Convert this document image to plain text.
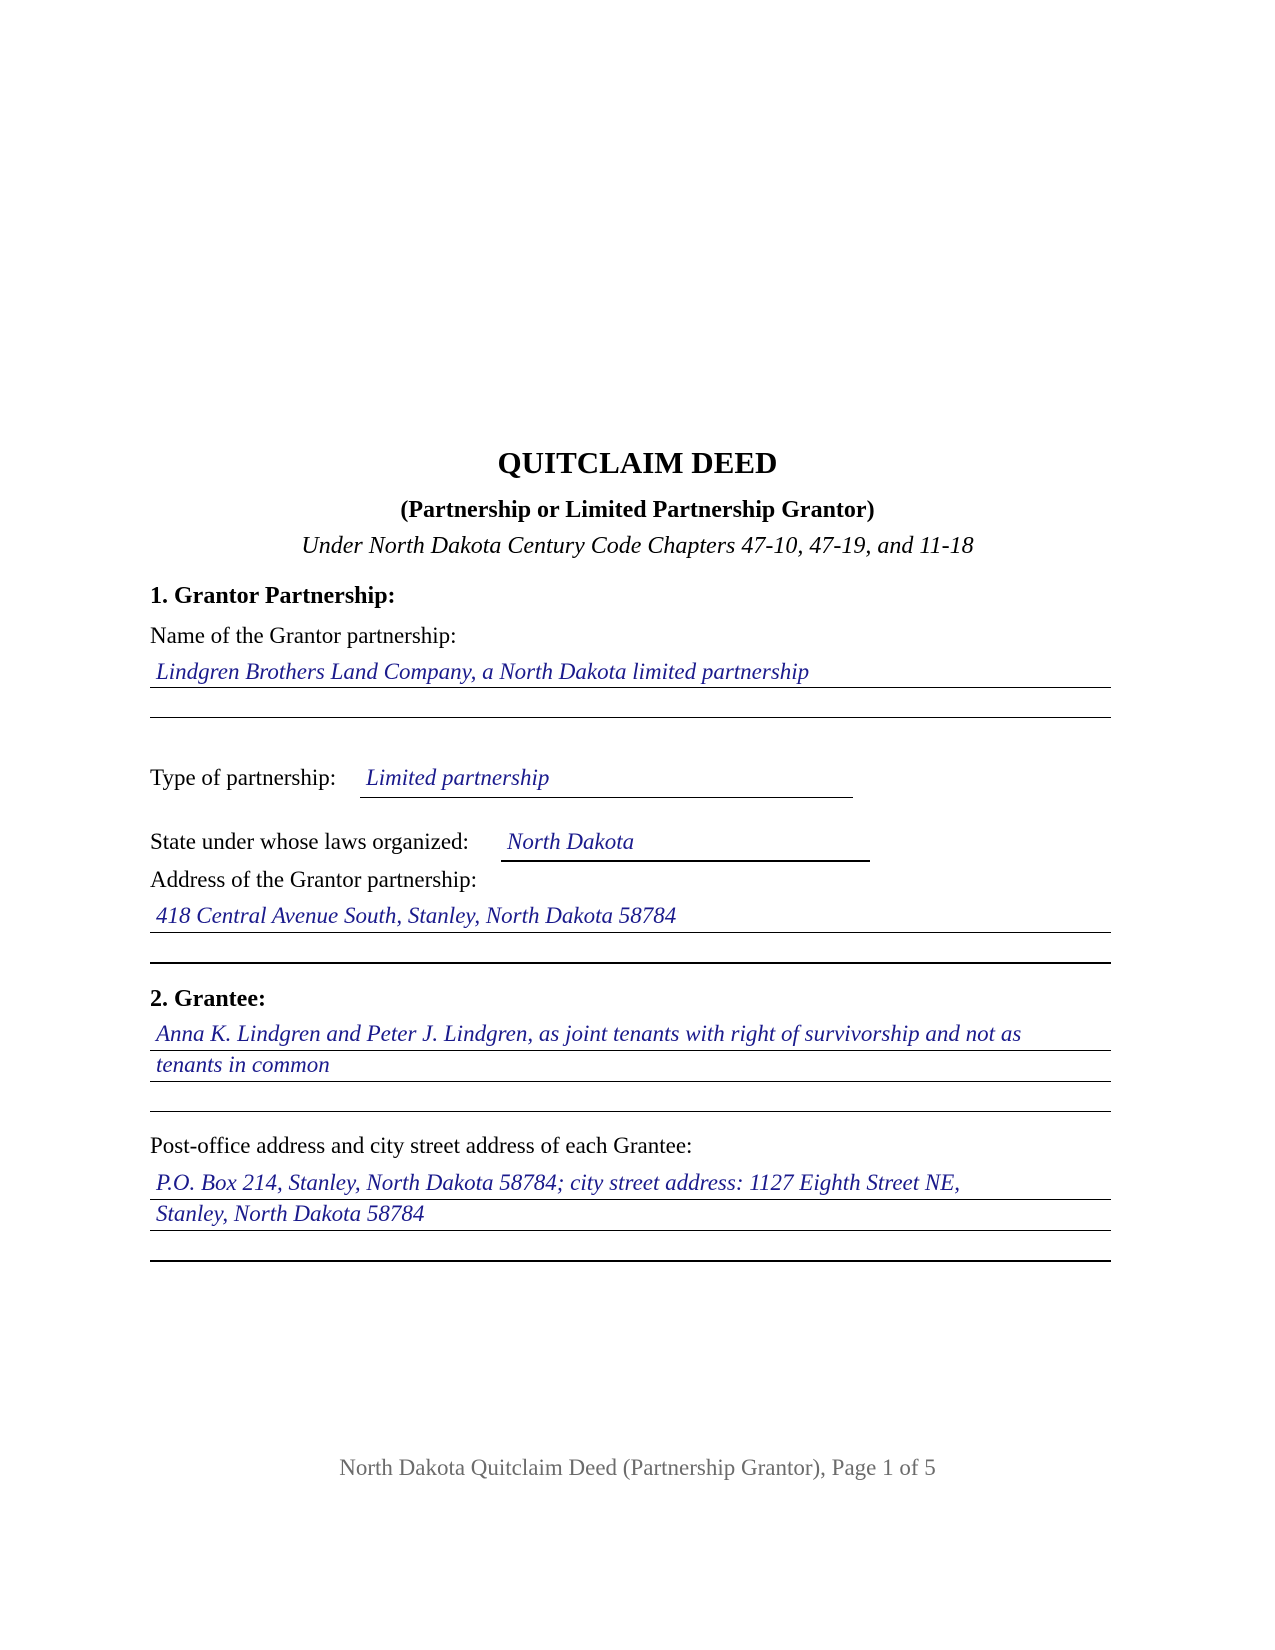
QUITCLAIM DEED
(Partnership or Limited Partnership Grantor)
Under North Dakota Century Code Chapters 47-10, 47-19, and 11-18
1. Grantor Partnership:
Name of the Grantor partnership:
Lindgren Brothers Land Company, a North Dakota limited partnership
Type of partnership: Limited partnership
State under whose laws organized: North Dakota
Address of the Grantor partnership:
418 Central Avenue South, Stanley, North Dakota 58784
2. Grantee:
Anna K. Lindgren and Peter J. Lindgren, as joint tenants with right of survivorship and not as
tenants in common
Post-office address and city street address of each Grantee:
P.O. Box 214, Stanley, North Dakota 58784; city street address: 1127 Eighth Street NE,
Stanley, North Dakota 58784
North Dakota Quitclaim Deed (Partnership Grantor), Page 1 of 5
